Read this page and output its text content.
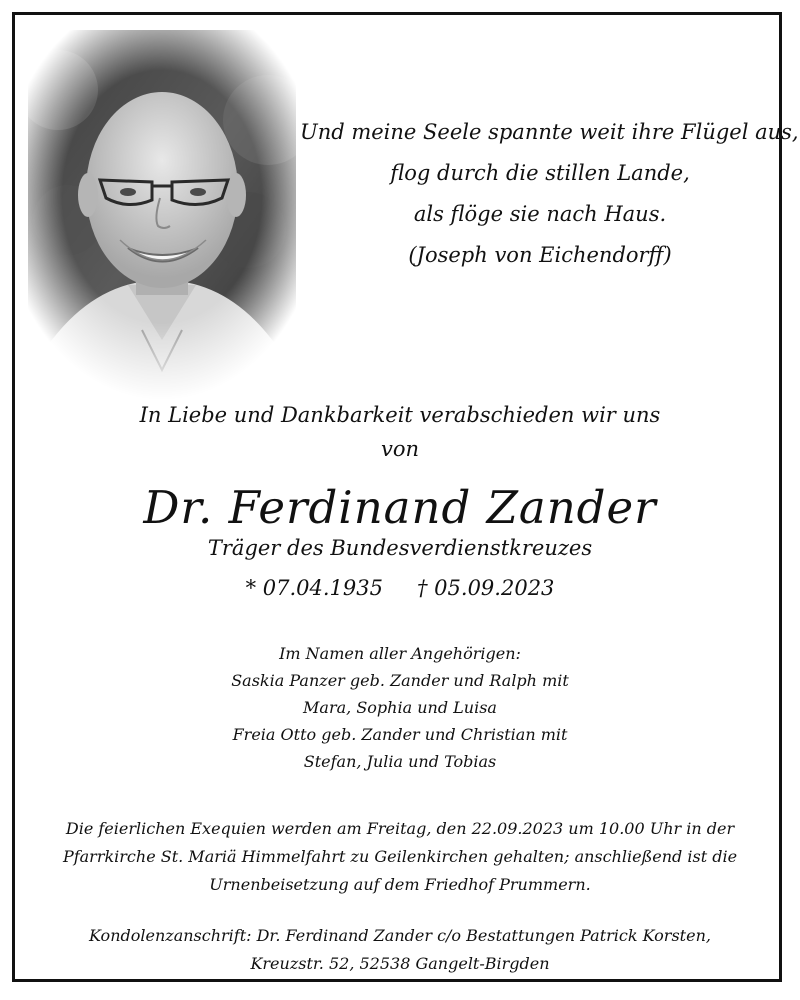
Und meine Seele spannte weit ihre Flügel aus,
flog durch die stillen Lande,
als flöge sie nach Haus.
(Joseph von Eichendorff)
In Liebe und Dankbarkeit verabschieden wir uns
von
Dr. Ferdinand Zander
Träger des Bundesverdienstkreuzes
* 07.04.1935 † 05.09.2023
Im Namen aller Angehörigen:
Saskia Panzer geb. Zander und Ralph mit
Mara, Sophia und Luisa
Freia Otto geb. Zander und Christian mit
Stefan, Julia und Tobias
Die feierlichen Exequien werden am Freitag, den 22.09.2023 um 10.00 Uhr in der
Pfarrkirche St. Mariä Himmelfahrt zu Geilenkirchen gehalten; anschließend ist die
Urnenbeisetzung auf dem Friedhof Prummern.
Kondolenzanschrift: Dr. Ferdinand Zander c/o Bestattungen Patrick Korsten,
Kreuzstr. 52, 52538 Gangelt-Birgden
